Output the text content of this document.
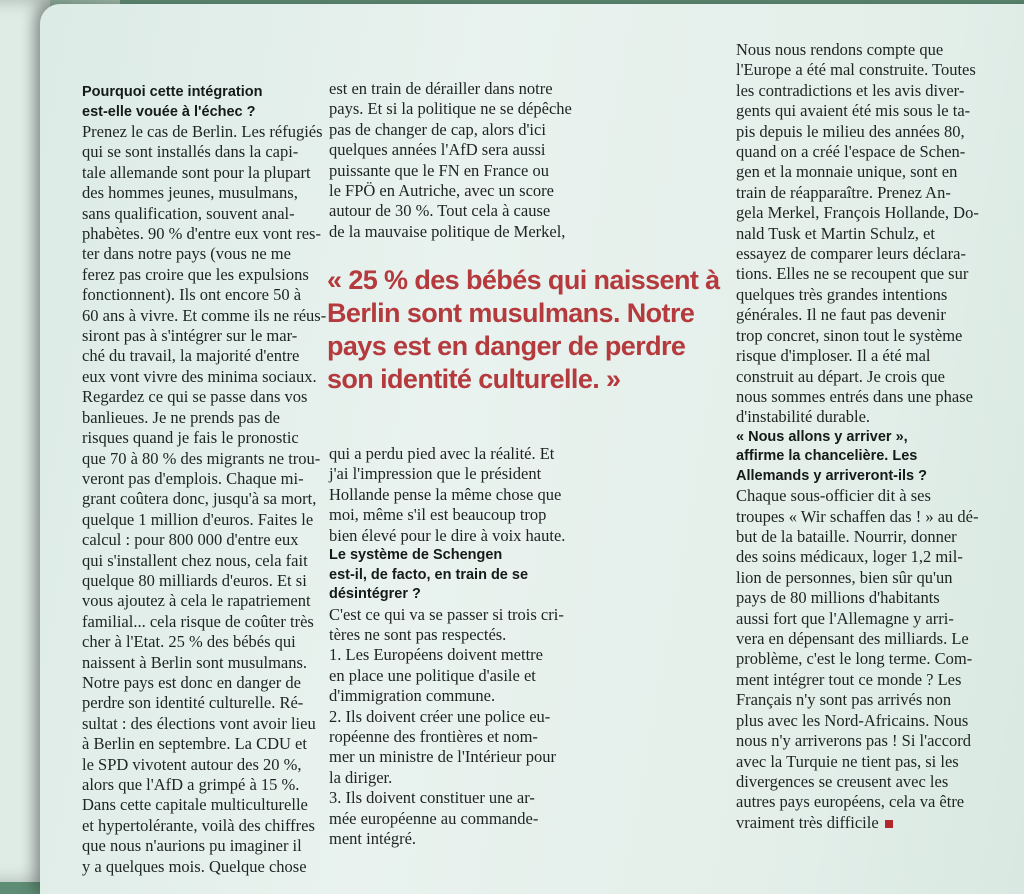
Pourquoi cette intégration
est-elle vouée à l'échec ?
Prenez le cas de Berlin. Les réfugiés
qui se sont installés dans la capi-
tale allemande sont pour la plupart
des hommes jeunes, musulmans,
sans qualification, souvent anal-
phabètes. 90 % d'entre eux vont res-
ter dans notre pays (vous ne me
ferez pas croire que les expulsions
fonctionnent). Ils ont encore 50 à
60 ans à vivre. Et comme ils ne réus-
siront pas à s'intégrer sur le mar-
ché du travail, la majorité d'entre
eux vont vivre des minima sociaux.
Regardez ce qui se passe dans vos
banlieues. Je ne prends pas de
risques quand je fais le pronostic
que 70 à 80 % des migrants ne trou-
veront pas d'emplois. Chaque mi-
grant coûtera donc, jusqu'à sa mort,
quelque 1 million d'euros. Faites le
calcul : pour 800 000 d'entre eux
qui s'installent chez nous, cela fait
quelque 80 milliards d'euros. Et si
vous ajoutez à cela le rapatriement
familial... cela risque de coûter très
cher à l'Etat. 25 % des bébés qui
naissent à Berlin sont musulmans.
Notre pays est donc en danger de
perdre son identité culturelle. Ré-
sultat : des élections vont avoir lieu
à Berlin en septembre. La CDU et
le SPD vivotent autour des 20 %,
alors que l'AfD a grimpé à 15 %.
Dans cette capitale multiculturelle
et hypertolérante, voilà des chiffres
que nous n'aurions pu imaginer il
y a quelques mois. Quelque chose
est en train de dérailler dans notre
pays. Et si la politique ne se dépêche
pas de changer de cap, alors d'ici
quelques années l'AfD sera aussi
puissante que le FN en France ou
le FPÖ en Autriche, avec un score
autour de 30 %. Tout cela à cause
de la mauvaise politique de Merkel,
« 25 % des bébés qui naissent à
Berlin sont musulmans. Notre
pays est en danger de perdre
son identité culturelle. »
qui a perdu pied avec la réalité. Et
j'ai l'impression que le président
Hollande pense la même chose que
moi, même s'il est beaucoup trop
bien élevé pour le dire à voix haute.
Le système de Schengen
est-il, de facto, en train de se
désintégrer ?
C'est ce qui va se passer si trois cri-
tères ne sont pas respectés.
1. Les Européens doivent mettre
en place une politique d'asile et
d'immigration commune.
2. Ils doivent créer une police eu-
ropéenne des frontières et nom-
mer un ministre de l'Intérieur pour
la diriger.
3. Ils doivent constituer une ar-
mée européenne au commande-
ment intégré.
Nous nous rendons compte que
l'Europe a été mal construite. Toutes
les contradictions et les avis diver-
gents qui avaient été mis sous le ta-
pis depuis le milieu des années 80,
quand on a créé l'espace de Schen-
gen et la monnaie unique, sont en
train de réapparaître. Prenez An-
gela Merkel, François Hollande, Do-
nald Tusk et Martin Schulz, et
essayez de comparer leurs déclara-
tions. Elles ne se recoupent que sur
quelques très grandes intentions
générales. Il ne faut pas devenir
trop concret, sinon tout le système
risque d'imploser. Il a été mal
construit au départ. Je crois que
nous sommes entrés dans une phase
d'instabilité durable.
« Nous allons y arriver »,
affirme la chancelière. Les
Allemands y arriveront-ils ?
Chaque sous-officier dit à ses
troupes « Wir schaffen das ! » au dé-
but de la bataille. Nourrir, donner
des soins médicaux, loger 1,2 mil-
lion de personnes, bien sûr qu'un
pays de 80 millions d'habitants
aussi fort que l'Allemagne y arri-
vera en dépensant des milliards. Le
problème, c'est le long terme. Com-
ment intégrer tout ce monde ? Les
Français n'y sont pas arrivés non
plus avec les Nord-Africains. Nous
nous n'y arriverons pas ! Si l'accord
avec la Turquie ne tient pas, si les
divergences se creusent avec les
autres pays européens, cela va être
vraiment très difficile
